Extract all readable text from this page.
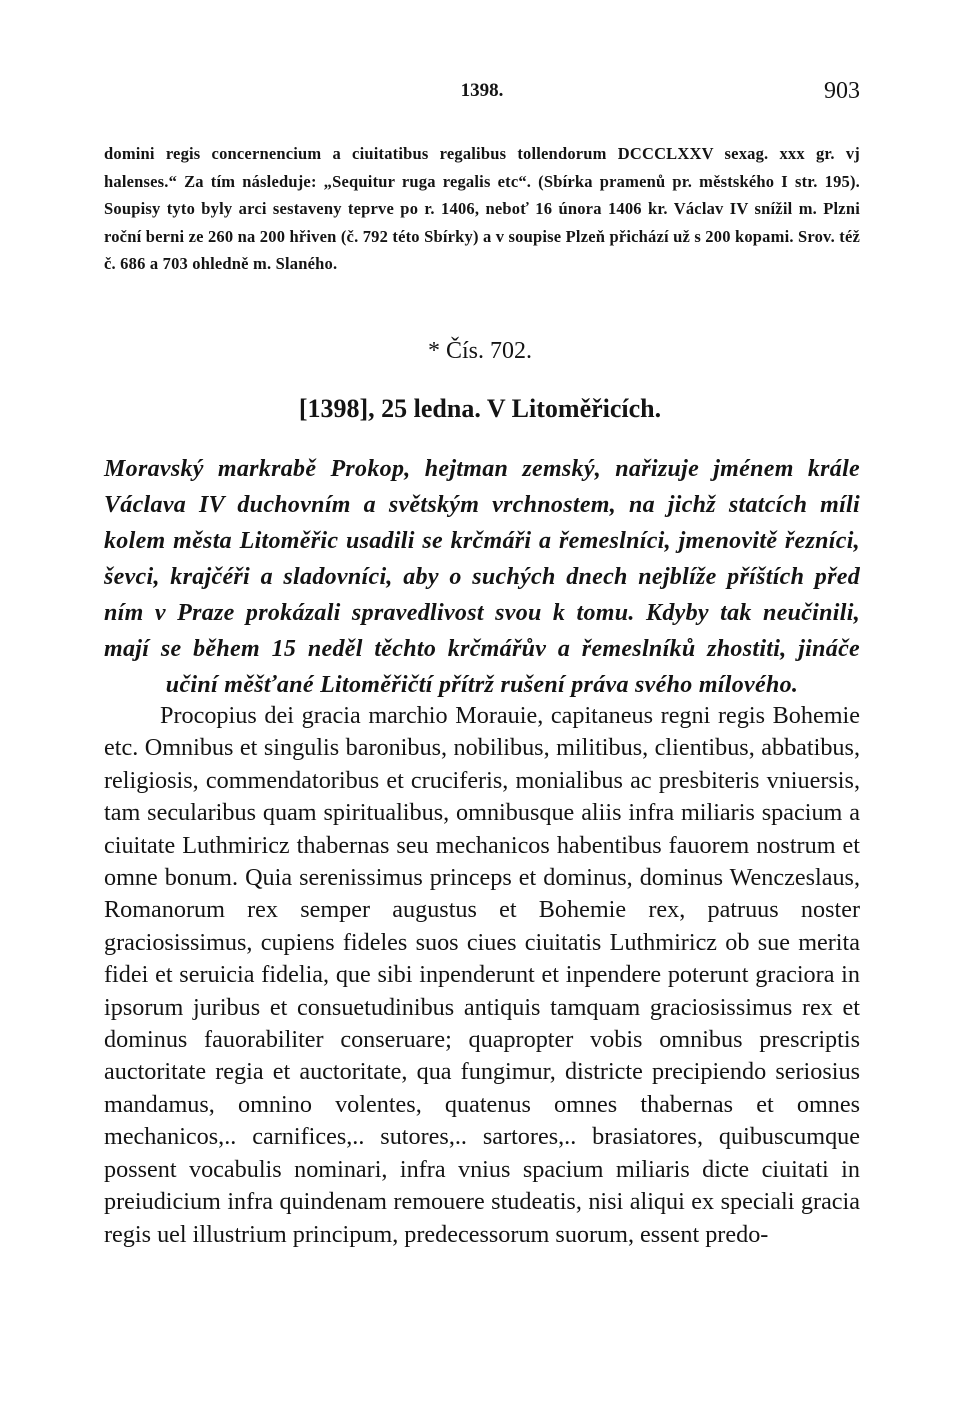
1398.	903

domini regis concernencium a ciuitatibus regalibus tollendorum DCCCLXXV sexag. xxx gr. vj halenses.“ Za tím následuje: „Sequitur ruga regalis etc“. (Sbírka pramenů pr. městského I str. 195). Soupisy tyto byly arci sestaveny teprve po r. 1406, neboť 16 února 1406 kr. Václav IV snížil m. Plzni roční berni ze 260 na 200 hřiven (č. 792 této Sbírky) a v soupise Plzeň přichází už s 200 kopami. Srov. též č. 686 a 703 ohledně m. Slaného.

* Čís. 702.
[1398], 25 ledna. V Litoměřicích.

Moravský markrabě Prokop, hejtman zemský, nařizuje jménem krále Václava IV duchovním a světským vrchnostem, na jichž statcích míli kolem města Litoměřic usadili se krčmáři a řemeslníci, jmenovitě řezníci, ševci, krajčéři a sladovníci, aby o suchých dnech nejblíže příštích před ním v Praze prokázali spravedlivost svou k tomu. Kdyby tak neučinili, mají se během 15 neděl těchto krčmářův a řemeslníků zhostiti, jináče učiní měšťané Litoměřičtí přítrž rušení práva svého mílového.

Procopius dei gracia marchio Morauie, capitaneus regni regis Bohemie etc. Omnibus et singulis baronibus, nobilibus, militibus, clientibus, abbatibus, religiosis, commendatoribus et cruciferis, monialibus ac presbiteris vniuersis, tam secularibus quam spiritualibus, omnibusque aliis infra miliaris spacium a ciuitate Luthmiricz thabernas seu mechanicos habentibus fauorem nostrum et omne bonum. Quia serenissimus princeps et dominus, dominus Wenczeslaus, Romanorum rex semper augustus et Bohemie rex, patruus noster graciosissimus, cupiens fideles suos ciues ciuitatis Luthmiricz ob sue merita fidei et seruicia fidelia, que sibi inpenderunt et inpendere poterunt graciora in ipsorum juribus et consuetudinibus antiquis tamquam graciosissimus rex et dominus fauorabiliter conseruare; quapropter vobis omnibus prescriptis auctoritate regia et auctoritate, qua fungimur, districte precipiendo seriosius mandamus, omnino volentes, quatenus omnes thabernas et omnes mechanicos,.. carnifices,.. sutores,.. sartores,.. brasiatores, quibuscumque possent vocabulis nominari, infra vnius spacium miliaris dicte ciuitati in preiudicium infra quindenam remouere studeatis, nisi aliqui ex speciali gracia regis uel illustrium principum, predecessorum suorum, essent predo-
